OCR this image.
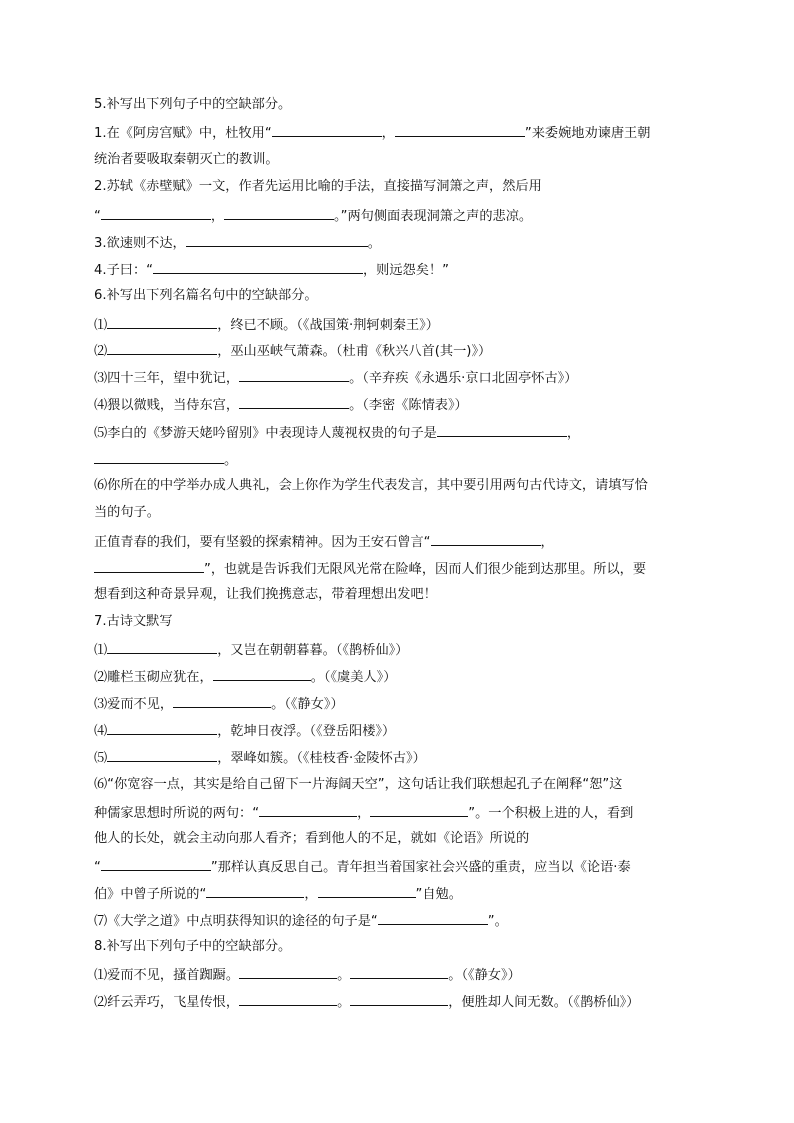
5.补写出下列句子中的空缺部分。
1.在《阿房宫赋》中，杜牧用“	，	”来委婉地劝谏唐王朝
统治者要吸取秦朝灭亡的教训。
2.苏轼《赤壁赋》一文，作者先运用比喻的手法，直接描写洞箫之声，然后用
“	，	。”两句侧面表现洞箫之声的悲凉。
3.欲速则不达，	。
4.子曰：“	，则远怨矣！”
6.补写出下列名篇名句中的空缺部分。
⑴	，终已不顾。（《战国策·荆轲刺秦王》）
⑵	，巫山巫峡气萧森。（杜甫《秋兴八首(其一)》）
⑶四十三年，望中犹记，	。（辛弃疾《永遇乐·京口北固亭怀古》）
⑷猥以微贱，当侍东宫，	。（李密《陈情表》）
⑸李白的《梦游天姥吟留别》中表现诗人蔑视权贵的句子是	，
。
⑹你所在的中学举办成人典礼，会上你作为学生代表发言，其中要引用两句古代诗文，请填写恰
当的句子。
正值青春的我们，要有坚毅的探索精神。因为王安石曾言“	，
”，也就是告诉我们无限风光常在险峰，因而人们很少能到达那里。所以，要
想看到这种奇景异观，让我们挽携意志，带着理想出发吧！
7.古诗文默写
⑴	，又岂在朝朝暮暮。（《鹊桥仙》）
⑵雕栏玉砌应犹在，	。（《虞美人》）
⑶爱而不见，	。（《静女》）
⑷	，乾坤日夜浮。（《登岳阳楼》）
⑸	，翠峰如簇。（《桂枝香·金陵怀古》）
⑹“你宽容一点，其实是给自己留下一片海阔天空”，这句话让我们联想起孔子在阐释“恕”这
种儒家思想时所说的两句：“	，	”。一个积极上进的人，看到
他人的长处，就会主动向那人看齐；看到他人的不足，就如《论语》所说的
“	”那样认真反思自己。青年担当着国家社会兴盛的重责，应当以《论语·泰
伯》中曾子所说的“	，	”自勉。
⑺《大学之道》中点明获得知识的途径的句子是“	”。
8.补写出下列句子中的空缺部分。
⑴爱而不见，搔首踟蹰。	。	。（《静女》）
⑵纤云弄巧，飞星传恨，	。	，便胜却人间无数。（《鹊桥仙》）
